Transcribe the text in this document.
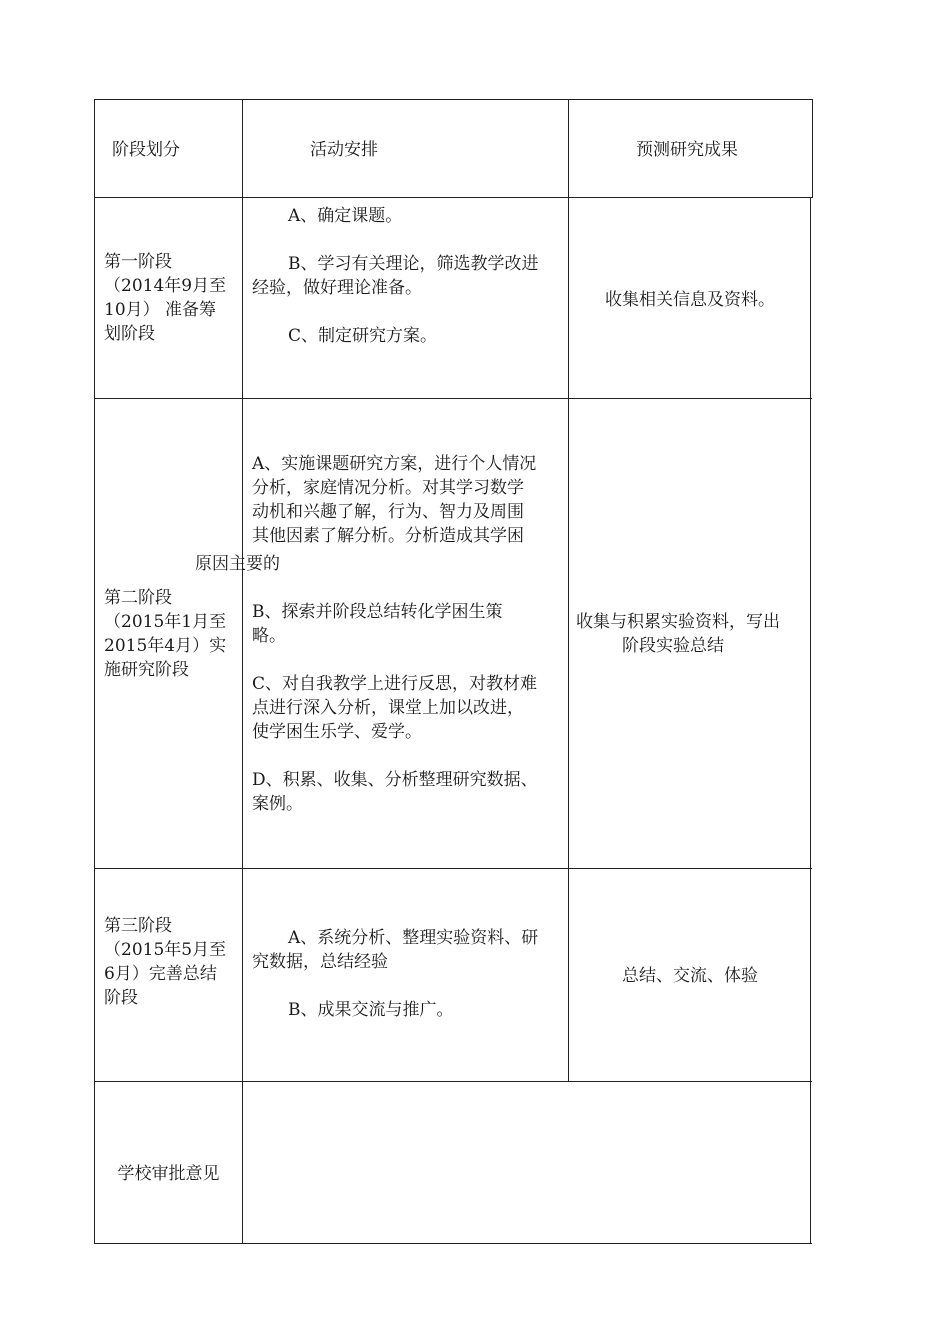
阶段划分	活动安排	预测研究成果

第一阶段

（2014年9月至

10月） 准备筹

划阶段

A、确定课题。
B、学习有关理论，筛选教学改进
经验，做好理论准备。
C、制定研究方案。
收集相关信息及资料。

第二阶段

（2015年1月至

2015年4月）实

施研究阶段

A、实施课题研究方案，进行个人情况

分析，家庭情况分析。对其学习数学

动机和兴趣了解，行为、智力及周围

其他因素了解分析。分析造成其学困

原因主要的

B、探索并阶段总结转化学困生策

略。

C、对自我教学上进行反思，对教材难

点进行深入分析，课堂上加以改进，

使学困生乐学、爱学。

D、积累、收集、分析整理研究数据、

案例。

收集与积累实验资料，写出

阶段实验总结

第三阶段

（2015年5月至

6月）完善总结

阶段

A、系统分析、整理实验资料、研
究数据，总结经验
B、成果交流与推广。
总结、交流、体验
学校审批意见
